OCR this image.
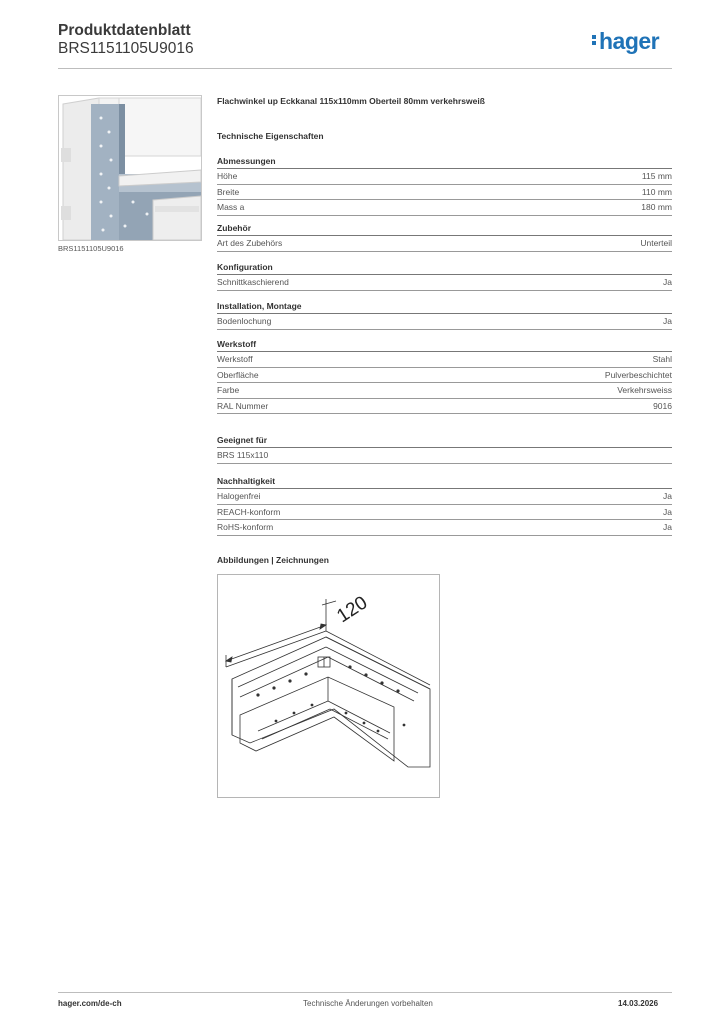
Produktdatenblatt
BRS1151105U9016	hager
BRS1151105U9016
Flachwinkel up Eckkanal 115x110mm Oberteil 80mm verkehrsweiß
Technische Eigenschaften
Abmessungen
Höhe	115 mm
Breite	110 mm
Mass a	180 mm
Zubehör
Art des Zubehörs	Unterteil
Konfiguration
Schnittkaschierend	Ja
Installation, Montage
Bodenlochung	Ja
Werkstoff
Werkstoff	Stahl
Oberfläche	Pulverbeschichtet
Farbe	Verkehrsweiss
RAL Nummer	9016
Geeignet für
BRS 115x110
Nachhaltigkeit
Halogenfrei	Ja
REACH-konform	Ja
RoHS-konform	Ja
Abbildungen | Zeichnungen
120
hager.com/de-ch	Technische Änderungen vorbehalten	14.03.2026
